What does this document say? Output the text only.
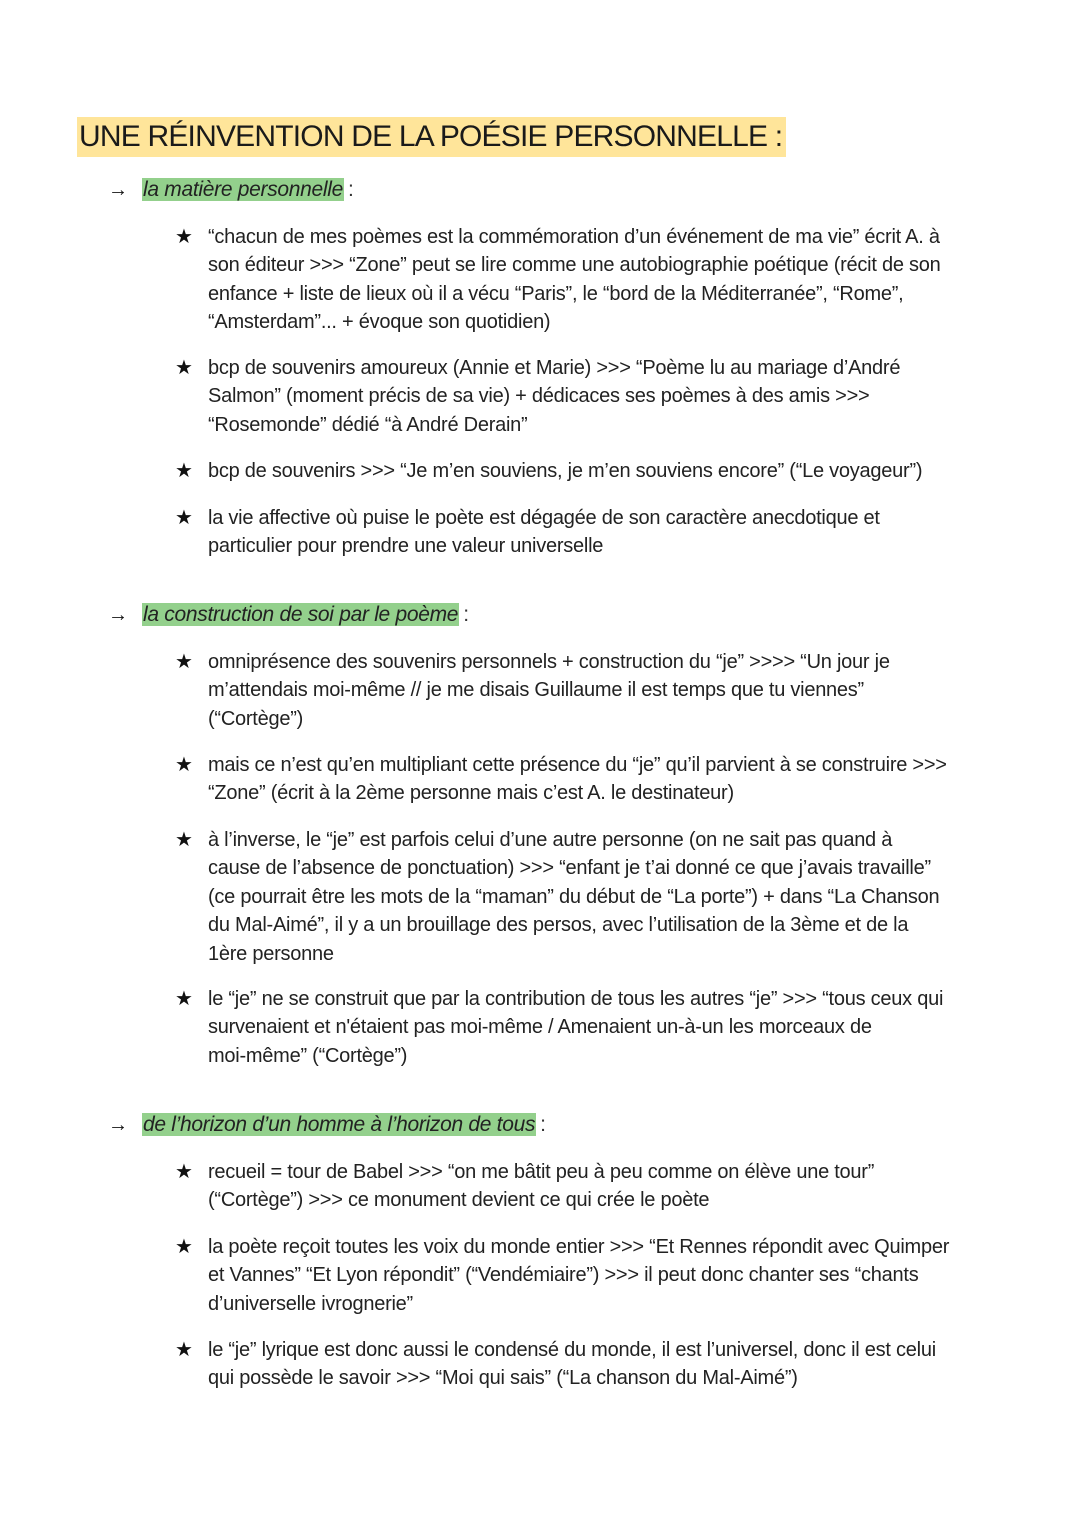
UNE RÉINVENTION DE LA POÉSIE PERSONNELLE :
→ la matière personnelle :
★ “chacun de mes poèmes est la commémoration d’un événement de ma vie” écrit A. à
son éditeur >>> “Zone” peut se lire comme une autobiographie poétique (récit de son
enfance + liste de lieux où il a vécu “Paris”, le “bord de la Méditerranée”, “Rome”,
“Amsterdam”... + évoque son quotidien)
★ bcp de souvenirs amoureux (Annie et Marie) >>> “Poème lu au mariage d’André
Salmon” (moment précis de sa vie) + dédicaces ses poèmes à des amis >>>
“Rosemonde” dédié “à André Derain”
★ bcp de souvenirs >>> “Je m’en souviens, je m’en souviens encore” (“Le voyageur”)
★ la vie affective où puise le poète est dégagée de son caractère anecdotique et
particulier pour prendre une valeur universelle
→ la construction de soi par le poème :
★ omniprésence des souvenirs personnels + construction du “je” >>>> “Un jour je
m’attendais moi-même // je me disais Guillaume il est temps que tu viennes”
(“Cortège”)
★ mais ce n’est qu’en multipliant cette présence du “je” qu’il parvient à se construire >>>
“Zone” (écrit à la 2ème personne mais c’est A. le destinateur)
★ à l’inverse, le “je” est parfois celui d’une autre personne (on ne sait pas quand à
cause de l’absence de ponctuation) >>> “enfant je t’ai donné ce que j’avais travaille”
(ce pourrait être les mots de la “maman” du début de “La porte”) + dans “La Chanson
du Mal-Aimé”, il y a un brouillage des persos, avec l’utilisation de la 3ème et de la
1ère personne
★ le “je” ne se construit que par la contribution de tous les autres “je” >>> “tous ceux qui
survenaient et n'étaient pas moi-même / Amenaient un-à-un les morceaux de
moi-même” (“Cortège”)
→ de l’horizon d’un homme à l’horizon de tous :
★ recueil = tour de Babel >>> “on me bâtit peu à peu comme on élève une tour”
(“Cortège”) >>> ce monument devient ce qui crée le poète
★ la poète reçoit toutes les voix du monde entier >>> “Et Rennes répondit avec Quimper
et Vannes” “Et Lyon répondit” (“Vendémiaire”) >>> il peut donc chanter ses “chants
d’universelle ivrognerie”
★ le “je” lyrique est donc aussi le condensé du monde, il est l’universel, donc il est celui
qui possède le savoir >>> “Moi qui sais” (“La chanson du Mal-Aimé”)
